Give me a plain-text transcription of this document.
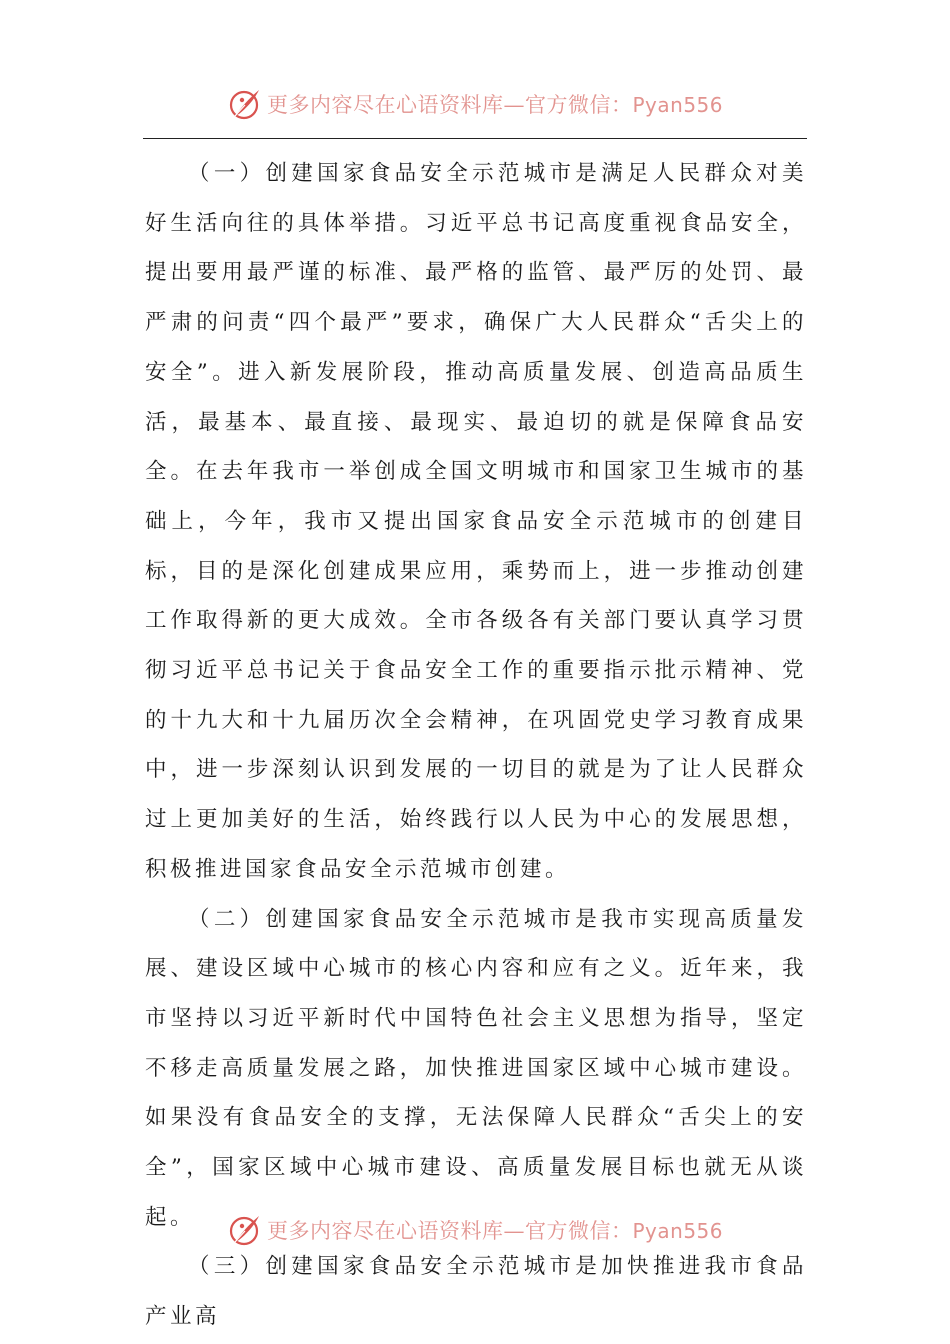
更多内容尽在心语资料库—官方微信：Pyan556

（一）创建国家食品安全示范城市是满足人民群众对美好生活向往的具体举措。习近平总书记高度重视食品安全，提出要用最严谨的标准、最严格的监管、最严厉的处罚、最严肃的问责“四个最严”要求，确保广大人民群众“舌尖上的安全”。进入新发展阶段，推动高质量发展、创造高品质生活，最基本、最直接、最现实、最迫切的就是保障食品安全。在去年我市一举创成全国文明城市和国家卫生城市的基础上，今年，我市又提出国家食品安全示范城市的创建目标，目的是深化创建成果应用，乘势而上，进一步推动创建工作取得新的更大成效。全市各级各有关部门要认真学习贯彻习近平总书记关于食品安全工作的重要指示批示精神、党的十九大和十九届历次全会精神，在巩固党史学习教育成果中，进一步深刻认识到发展的一切目的就是为了让人民群众过上更加美好的生活，始终践行以人民为中心的发展思想，积极推进国家食品安全示范城市创建。

（二）创建国家食品安全示范城市是我市实现高质量发展、建设区域中心城市的核心内容和应有之义。近年来，我市坚持以习近平新时代中国特色社会主义思想为指导，坚定不移走高质量发展之路，加快推进国家区域中心城市建设。如果没有食品安全的支撑，无法保障人民群众“舌尖上的安全”，国家区域中心城市建设、高质量发展目标也就无从谈起。

（三）创建国家食品安全示范城市是加快推进我市食品产业高

更多内容尽在心语资料库—官方微信：Pyan556
